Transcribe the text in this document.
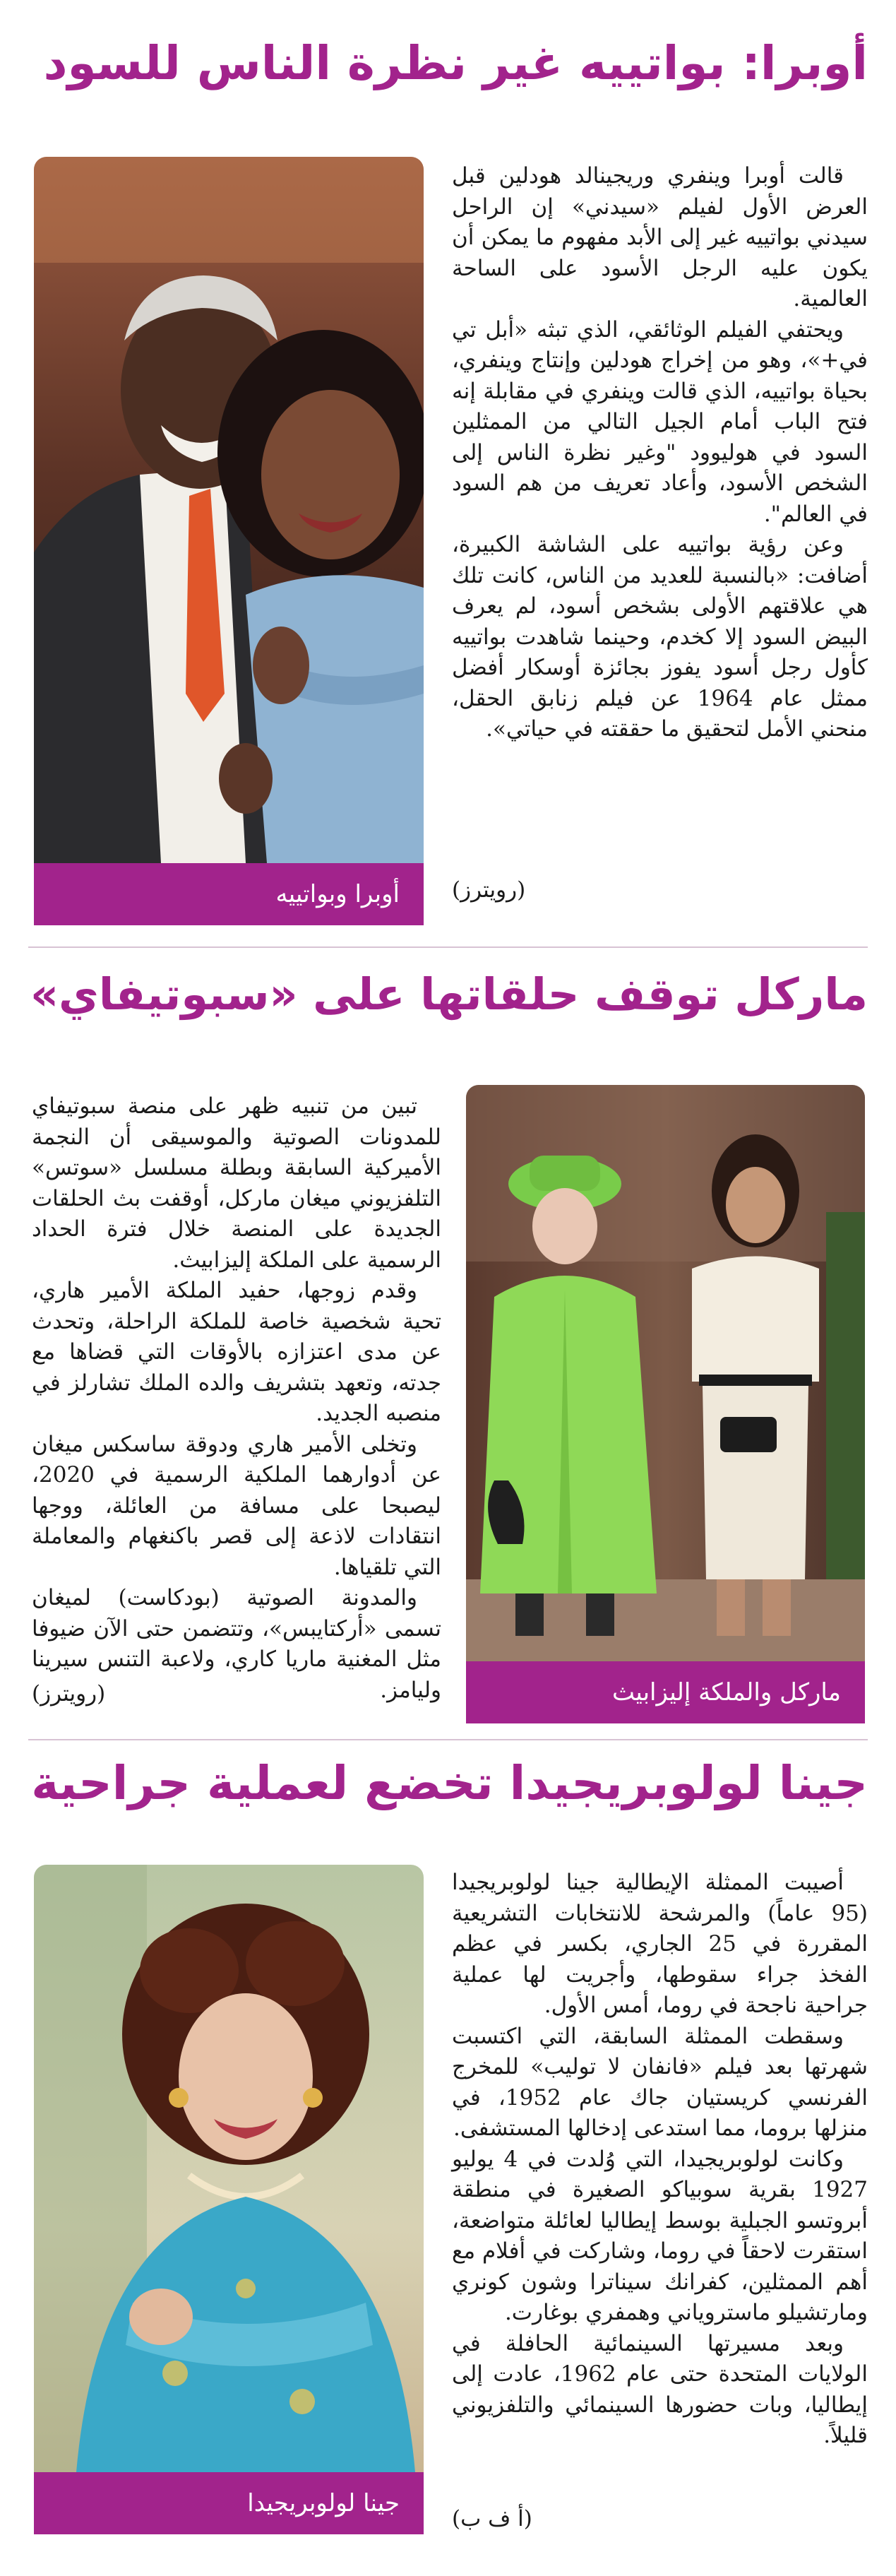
أوبرا: بواتييه غير نظرة الناس للسود
أوبرا وبواتييه

قالت أوبرا وينفري وريجينالد هودلين قبل العرض الأول لفيلم «سيدني» إن الراحل سيدني بواتييه غير إلى الأبد مفهوم ما يمكن أن يكون عليه الرجل الأسود على الساحة العالمية.

ويحتفي الفيلم الوثائقي، الذي تبثه «أبل تي في+»، وهو من إخراج هودلين وإنتاج وينفري، بحياة بواتييه، الذي قالت وينفري في مقابلة إنه فتح الباب أمام الجيل التالي من الممثلين السود في هوليوود "وغير نظرة الناس إلى الشخص الأسود، وأعاد تعريف من هم السود في العالم".

وعن رؤية بواتييه على الشاشة الكبيرة، أضافت: «بالنسبة للعديد من الناس، كانت تلك هي علاقتهم الأولى بشخص أسود، لم يعرف البيض السود إلا كخدم، وحينما شاهدت بواتييه كأول رجل أسود يفوز بجائزة أوسكار أفضل ممثل عام 1964 عن فيلم زنابق الحقل، منحني الأمل لتحقيق ما حققته في حياتي».

(رويترز)
ماركل توقف حلقاتها على «سبوتيفاي»
ماركل والملكة إليزابيث

تبين من تنبيه ظهر على منصة سبوتيفاي للمدونات الصوتية والموسيقى أن النجمة الأميركية السابقة وبطلة مسلسل «سوتس» التلفزيوني ميغان ماركل، أوقفت بث الحلقات الجديدة على المنصة خلال فترة الحداد الرسمية على الملكة إليزابيث.

وقدم زوجها، حفيد الملكة الأمير هاري، تحية شخصية خاصة للملكة الراحلة، وتحدث عن مدى اعتزازه بالأوقات التي قضاها مع جدته، وتعهد بتشريف والده الملك تشارلز في منصبه الجديد.

وتخلى الأمير هاري ودوقة ساسكس ميغان عن أدوارهما الملكية الرسمية في 2020، ليصبحا على مسافة من العائلة، ووجها انتقادات لاذعة إلى قصر باكنغهام والمعاملة التي تلقياها.

والمدونة الصوتية (بودكاست) لميغان تسمى «أركتايبس»، وتتضمن حتى الآن ضيوفا مثل المغنية ماريا كاري، ولاعبة التنس سيرينا وليامز.

(رويترز)
جينا لولوبريجيدا تخضع لعملية جراحية
جينا لولوبريجيدا

أصيبت الممثلة الإيطالية جينا لولوبريجيدا (95 عاماً) والمرشحة للانتخابات التشريعية المقررة في 25 الجاري، بكسر في عظم الفخذ جراء سقوطها، وأجريت لها عملية جراحية ناجحة في روما، أمس الأول.

وسقطت الممثلة السابقة، التي اكتسبت شهرتها بعد فيلم «فانفان لا توليب» للمخرج الفرنسي كريستيان جاك عام 1952، في منزلها بروما، مما استدعى إدخالها المستشفى.

وكانت لولوبريجيدا، التي وُلدت في 4 يوليو 1927 بقرية سوبياكو الصغيرة في منطقة أبروتسو الجبلية بوسط إيطاليا لعائلة متواضعة، استقرت لاحقاً في روما، وشاركت في أفلام مع أهم الممثلين، كفرانك سيناترا وشون كونري ومارتشيلو ماستروياني وهمفري بوغارت.

وبعد مسيرتها السينمائية الحافلة في الولايات المتحدة حتى عام 1962، عادت إلى إيطاليا، وبات حضورها السينمائي والتلفزيوني قليلاً.

(أ ف ب)
